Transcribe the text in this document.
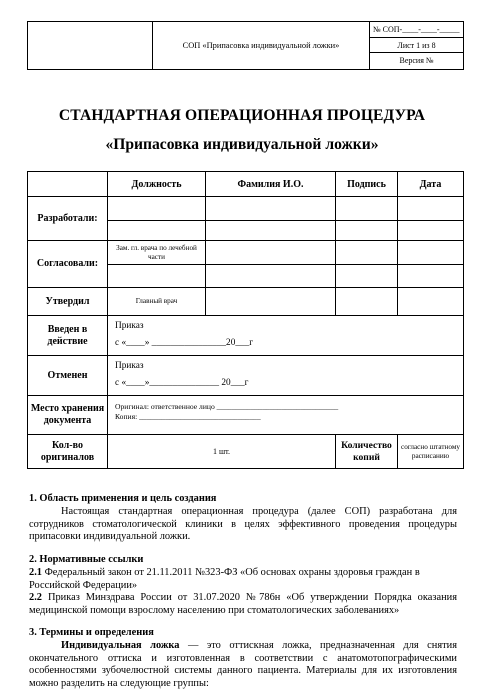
СОП «Припасовка индивидуальной ложки»
№ СОП-____-____-_____
Лист 1 из 8
Версия №
СТАНДАРТНАЯ ОПЕРАЦИОННАЯ ПРОЦЕДУРА
«Припасовка индивидуальной ложки»
	Должность	Фамилия И.О.	Подпись	Дата
Разработали:				

Согласовали:	Зам. гл. врача по лечебной части			

Утвердил	Главный врач			
Введен в действие	Приказ
с «____» ________________20___г			

Отменен	Приказ
с «____»_______________ 20___г			

Место хранения документа	Оригинал: ответственное лицо ________________________________
Копия: ________________________________			

Кол-во оригиналов	1 шт.		Количество копий	согласно штатному расписанию
1. Область применения и цель создания
Настоящая стандартная операционная процедура (далее СОП) разработана для сотрудников стоматологической клиники в целях эффективного проведения процедуры припасовки индивидуальной ложки.
2. Нормативные ссылки
2.1 Федеральный закон от 21.11.2011 №323-ФЗ «Об основах охраны здоровья граждан в Российской Федерации»
2.2 Приказ Минздрава России от 31.07.2020 №786н «Об утверждении Порядка оказания медицинской помощи взрослому населению при стоматологических заболеваниях»
3. Термины и определения
Индивидуальная ложка — это оттискная ложка, предназначенная для снятия окончательного оттиска и изготовленная в соответствии с анатомотопографическими особенностями зубочелюстной системы данного пациента. Материалы для их изготовления можно разделить на следующие группы:
